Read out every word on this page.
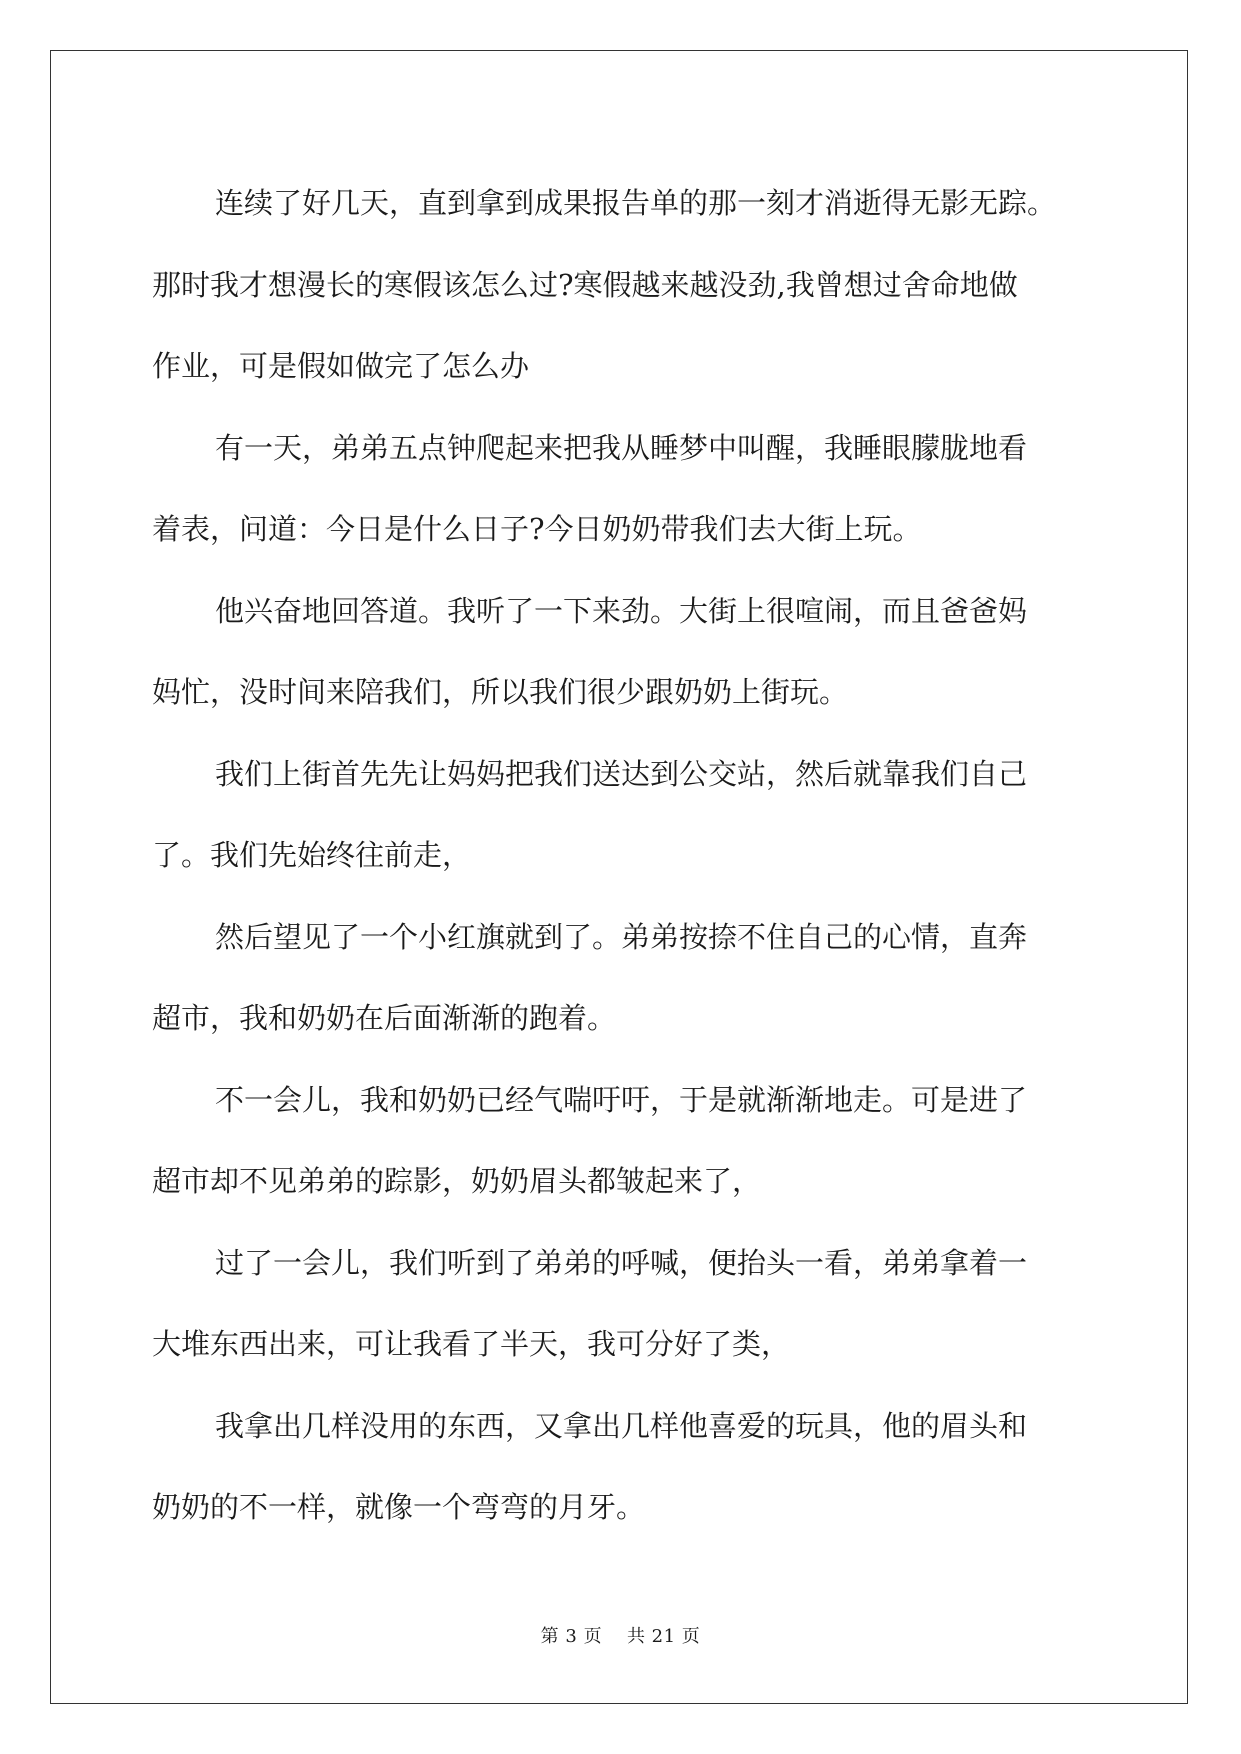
连续了好几天，直到拿到成果报告单的那一刻才消逝得无影无踪。
那时我才想漫长的寒假该怎么过?寒假越来越没劲,我曾想过舍命地做
作业，可是假如做完了怎么办
有一天，弟弟五点钟爬起来把我从睡梦中叫醒，我睡眼朦胧地看
着表，问道：今日是什么日子?今日奶奶带我们去大街上玩。
他兴奋地回答道。我听了一下来劲。大街上很喧闹，而且爸爸妈
妈忙，没时间来陪我们，所以我们很少跟奶奶上街玩。
我们上街首先先让妈妈把我们送达到公交站，然后就靠我们自己
了。我们先始终往前走，
然后望见了一个小红旗就到了。弟弟按捺不住自己的心情，直奔
超市，我和奶奶在后面渐渐的跑着。
不一会儿，我和奶奶已经气喘吁吁，于是就渐渐地走。可是进了
超市却不见弟弟的踪影，奶奶眉头都皱起来了，
过了一会儿，我们听到了弟弟的呼喊，便抬头一看，弟弟拿着一
大堆东西出来，可让我看了半天，我可分好了类，
我拿出几样没用的东西，又拿出几样他喜爱的玩具，他的眉头和
奶奶的不一样，就像一个弯弯的月牙。
第 3 页    共 21 页
